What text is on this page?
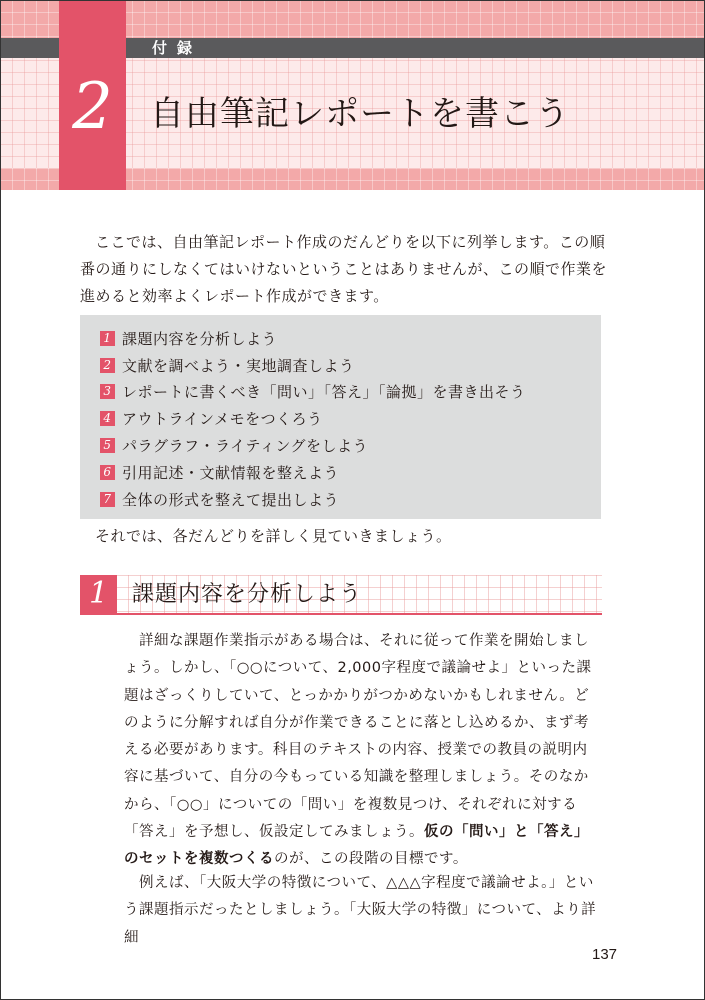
付録
2	自由筆記レポートを書こう

ここでは、自由筆記レポート作成のだんどりを以下に列挙します。この順番の通りにしなくてはいけないということはありませんが、この順で作業を進めると効率よくレポート作成ができます。

1 課題内容を分析しよう
2 文献を調べよう・実地調査しよう
3 レポートに書くべき「問い」「答え」「論拠」を書き出そう
4 アウトラインメモをつくろう
5 パラグラフ・ライティングをしよう
6 引用記述・文献情報を整えよう
7 全体の形式を整えて提出しよう

それでは、各だんどりを詳しく見ていきましょう。

1	課題内容を分析しよう

詳細な課題作業指示がある場合は、それに従って作業を開始しましょう。しかし、「○○について、2,000字程度で議論せよ」といった課題はざっくりしていて、とっかかりがつかめないかもしれません。どのように分解すれば自分が作業できることに落とし込めるか、まず考える必要があります。科目のテキストの内容、授業での教員の説明内容に基づいて、自分の今もっている知識を整理しましょう。そのなかから、「○○」についての「問い」を複数見つけ、それぞれに対する「答え」を予想し、仮設定してみましょう。仮の「問い」と「答え」のセットを複数つくるのが、この段階の目標です。

例えば、「大阪大学の特徴について、△△△字程度で議論せよ。」という課題指示だったとしましょう。「大阪大学の特徴」について、より詳細

137
